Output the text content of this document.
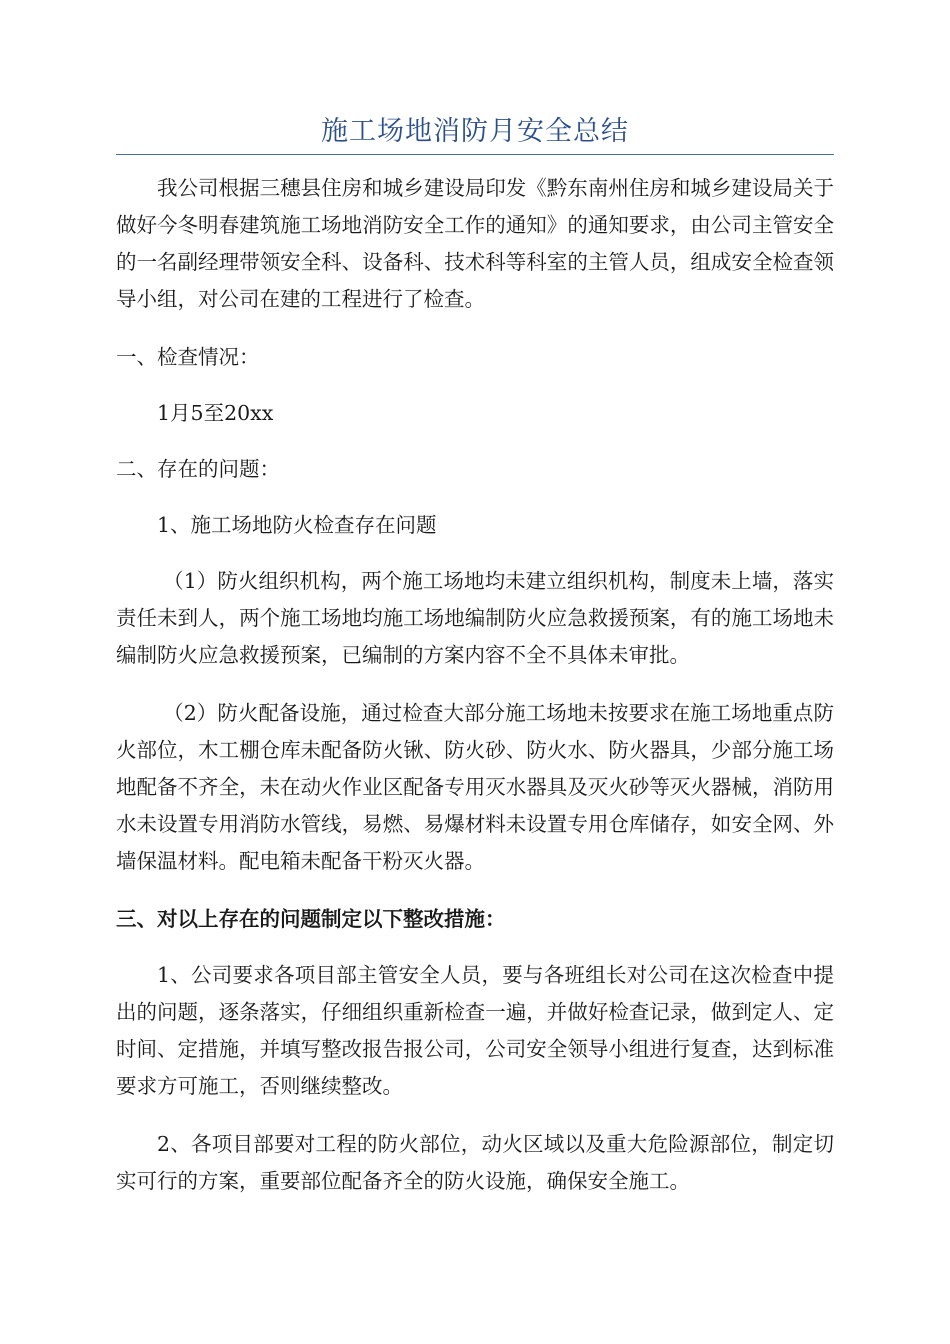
施工场地消防月安全总结

我公司根据三穗县住房和城乡建设局印发《黔东南州住房和城乡建设局关于做好今冬明春建筑施工场地消防安全工作的通知》的通知要求，由公司主管安全的一名副经理带领安全科、设备科、技术科等科室的主管人员，组成安全检查领导小组，对公司在建的工程进行了检查。

一、检查情况：

1月5至20xx

二、存在的问题：

1、施工场地防火检查存在问题

（1）防火组织机构，两个施工场地均未建立组织机构，制度未上墙，落实责任未到人，两个施工场地均施工场地编制防火应急救援预案，有的施工场地未编制防火应急救援预案，已编制的方案内容不全不具体未审批。

（2）防火配备设施，通过检查大部分施工场地未按要求在施工场地重点防火部位，木工棚仓库未配备防火锹、防火砂、防火水、防火器具，少部分施工场地配备不齐全，未在动火作业区配备专用灭水器具及灭火砂等灭火器械，消防用水未设置专用消防水管线，易燃、易爆材料未设置专用仓库储存，如安全网、外墙保温材料。配电箱未配备干粉灭火器。

三、对以上存在的问题制定以下整改措施：

1、公司要求各项目部主管安全人员，要与各班组长对公司在这次检查中提出的问题，逐条落实，仔细组织重新检查一遍，并做好检查记录，做到定人、定时间、定措施，并填写整改报告报公司，公司安全领导小组进行复查，达到标准要求方可施工，否则继续整改。

2、各项目部要对工程的防火部位，动火区域以及重大危险源部位，制定切实可行的方案，重要部位配备齐全的防火设施，确保安全施工。
